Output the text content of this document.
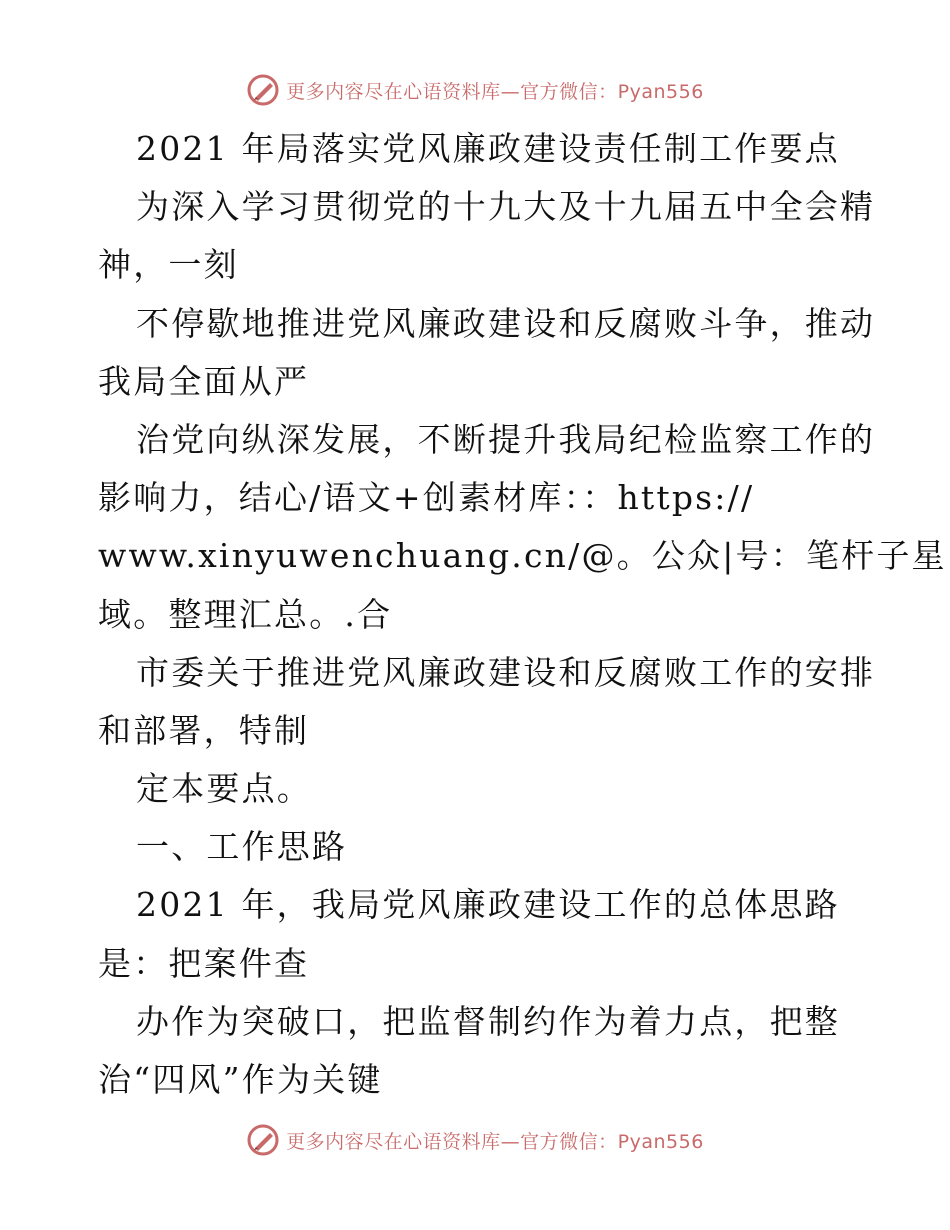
更多内容尽在心语资料库—官方微信：Pyan556
2021 年局落实党风廉政建设责任制工作要点
为深入学习贯彻党的十九大及十九届五中全会精
神，一刻
不停歇地推进党风廉政建设和反腐败斗争，推动
我局全面从严
治党向纵深发展，不断提升我局纪检监察工作的
影响力，结心/语文+创素材库：：https://
www.xinyuwenchuang.cn/@。公众|号：笔杆子星
域。整理汇总。.合
市委关于推进党风廉政建设和反腐败工作的安排
和部署，特制
定本要点。
一、工作思路
2021 年，我局党风廉政建设工作的总体思路
是：把案件查
办作为突破口，把监督制约作为着力点，把整
治“四风”作为关键
更多内容尽在心语资料库—官方微信：Pyan556
